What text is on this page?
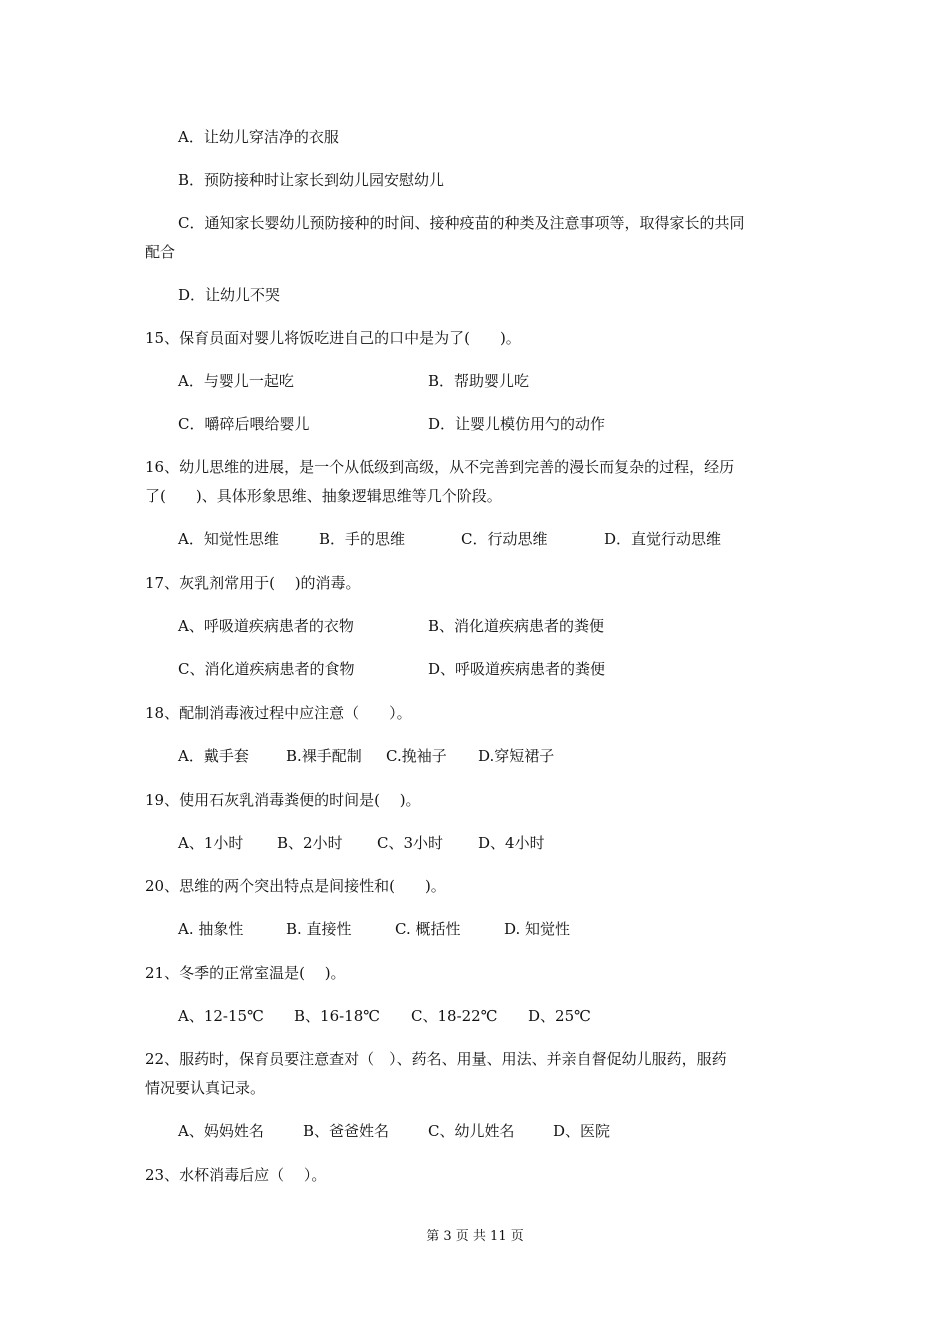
A．让幼儿穿洁净的衣服
B．预防接种时让家长到幼儿园安慰幼儿
C．通知家长婴幼儿预防接种的时间、接种疫苗的种类及注意事项等，取得家长的共同
配合
D．让幼儿不哭
15、保育员面对婴儿将饭吃进自己的口中是为了(　　)。
A．与婴儿一起吃	B．帮助婴儿吃
C．嚼碎后喂给婴儿	D．让婴儿模仿用勺的动作
16、幼儿思维的进展，是一个从低级到高级，从不完善到完善的漫长而复杂的过程，经历
了(　　)、具体形象思维、抽象逻辑思维等几个阶段。
A．知觉性思维	B．手的思维	C．行动思维	D．直觉行动思维
17、灰乳剂常用于(　 )的消毒。
A、呼吸道疾病患者的衣物	B、消化道疾病患者的粪便
C、消化道疾病患者的食物	D、呼吸道疾病患者的粪便
18、配制消毒液过程中应注意（　　）。
A．戴手套 B.裸手配制 C.挽袖子 D.穿短裙子
19、使用石灰乳消毒粪便的时间是(　 )。
A、1小时 B、2小时 C、3小时 D、4小时
20、思维的两个突出特点是间接性和(　　)。
A. 抽象性	B. 直接性	C. 概括性	D. 知觉性
21、冬季的正常室温是(　 )。
A、12-15℃ B、16-18℃ C、18-22℃ D、25℃
22、服药时，保育员要注意查对（　）、药名、用量、用法、并亲自督促幼儿服药，服药
情况要认真记录。
A、妈妈姓名	B、爸爸姓名	C、幼儿姓名	D、医院
23、水杯消毒后应（　 ）。
第 3 页 共 11 页
